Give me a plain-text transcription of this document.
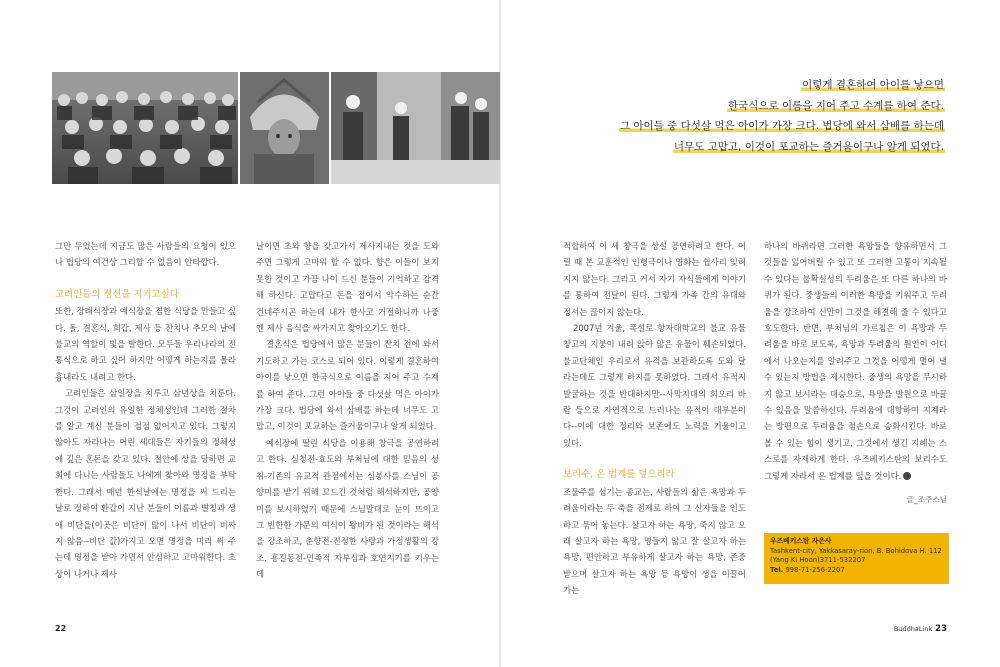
이렇게 결혼하여 아이를 낳으면
한국식으로 이름을 지어 주고 수계를 하여 준다.
그 아이들 중 다섯살 먹은 아이가 가장 크다. 법당에 와서 삼배를 하는데
너무도 고맙고, 이것이 포교하는 즐거움이구나 알게 되었다.

그만 두었는데 지금도 많은 사람들의 요청이 있으나 법당의 여건상 그리할 수 없음이 안타깝다.

고려인들의 정신을 지키고싶다

또한, 장례식장과 예식장을 겸한 식당을 만들고 싶다. 돌, 결혼식, 회갑, 제사 등 잔치나 추모의 날에 불교의 역할이 빛을 발한다. 모두들 우리나라의 전통식으로 하고 싶어 하지만 어떻게 하는지를 몰라 흉내라도 내려고 한다.

고려인들은 삼일장을 치루고 삼년상을 치룬다. 그것이 고려인의 유일한 정체성인데 그러한 절차를 알고 계신 분들이 점점 없어지고 있다. 그렇지 않아도 자라나는 어린 세대들은 자기들의 정체성에 깊은 혼돈을 갖고 있다. 절안에 상을 당하면 교회에 다니는 사람들도 나에게 찾아와 명정을 부탁한다. 그래서 매년 한식날에는 명정을 써 드리는 날로 정하여 환갑이 지난 분들이 이름과 별칭과 생애 비단을(이곳은 비단이 많이 나서 비단이 비싸지 않음--비단 값)가지고 오면 명정을 미리 써 주는데 명정을 받아 가면서 안심하고 고마워한다. 초상이 나거나 제사

날이면 초와 향을 갖고가서 제사지내는 것을 도와 주면 그렇게 고마워 할 수 없다. 향은 이들이 보지 못한 것이고 가끔 나이 드신 분들이 기억하고 감격해 하신다. 고맙다고 돈을 접어서 악수하는 순간 건네주시곤 하는데 내가 한사코 거절하니까 나중엔 제사 음식을 싸가지고 찾아오기도 한다.

결혼식은 법당에서 많은 분들이 잔치 전에 와서 기도하고 가는 코스로 되어 있다. 이렇게 결혼하여 아이를 낳으면 한국식으로 이름을 지어 주고 수계를 하여 준다. 그런 아이들 중 다섯살 먹은 아이가 가장 크다. 법당에 와서 삼배를 하는데 너무도 고맙고, 이것이 포교하는 즐거움이구나 알게 되었다.

예식장에 딸린 식당을 이용해 창극을 공연하려고 한다. 심청전-효도와 부처님에 대한 믿음의 성취-기존의 유교적 관점에서는 심봉사를 스님이 공양미를 받기 위해 꼬드긴 것처럼 해석하지만, 공양미를 보시하였기 때문에 스님말대로 눈이 뜨이고 그 빈한한 가문의 여식이 왕비가 된 것이라는 해석을 강조하고, 춘향전-진정한 사랑과 가정생활의 강조, 흥길동전-민족적 자부심과 호연지기를 키우는데

적합하여 이 세 창극을 상설 공연하려고 한다. 어릴 때 본 교훈적인 인형극이나 영화는 쉽사리 잊혀지지 않는다. 그리고 커서 자기 자식들에게 이야기를 통하여 전달이 된다. 그렇게 가족 간의 유대와 정서는 끊이지 않는다.

2007년 겨울, 폭설로 항자대학교의 불교 유물 창고의 지붕이 내려 앉아 많은 유물이 훼손되었다. 불교단체인 우리로서 유적을 보관하도록 도와 달라는데도 그렇게 하지를 못하였다. 그래서 유적지 발굴하는 것을 반대하지만--사막지대의 회오리 바람 등으로 자연적으로 드러나는 유적이 대부분이다--이에 대한 정리와 보존에도 노력을 기울이고 있다.

보리수, 온 법계를 덮으리라

조물주를 섬기는 종교는, 사람들의 삶은 욕망과 두려움이라는 두 축을 전제로 하여 그 신자들을 인도하고 묶어 놓는다. 살고자 하는 욕망, 죽지 않고 오래 살고자 하는 욕망, 명들지 않고 잘 살고자 하는 욕망, 편안하고 부유하게 살고자 하는 욕망, 존중받으며 살고자 하는 욕망 등 욕망이 생을 이끌어 가는

하나의 바퀴라면 그러한 욕망들을 향유하면서 그것들을 잃어버릴 수 있고 또 그러한 고통이 지속될 수 있다는 불확실성의 두려움은 또 다른 하나의 바퀴가 된다. 중생들의 이러한 욕망을 키워주고 두려움을 강조하여 신만이 그것을 해결해 줄 수 있다고 호도한다. 반면, 부처님의 가르침은 이 욕망과 두려움을 바로 보도록, 욕망과 두려움의 원인이 어디에서 나오는지를 알려주고 그것을 어떻게 멸어 낼 수 있는지 방법을 제시한다. 중생의 욕망을 무시하지 않고 보시라는 대승으로, 욕망을 발원으로 바꿀 수 있음을 말씀하신다. 두려움에 대항하여 지계라는 방편으로 두려움을 점손으로 승화시킨다. 바로 볼 수 있는 힘이 생기고, 그것에서 생긴 지혜는 스스로를 자재하게 한다. 우즈베키스탄의 보리수도 그렇게 자라서 온 법계를 덮을 것이다.

글_조주스님
우즈베키스탄 자은사
Tashkent-city, Yakkasaray-rion, B. Bohidova H. 112
(Yang Ki Hoon)3711-532207
Tel. 998-71-256-2207
22	BuddhaLink 23
